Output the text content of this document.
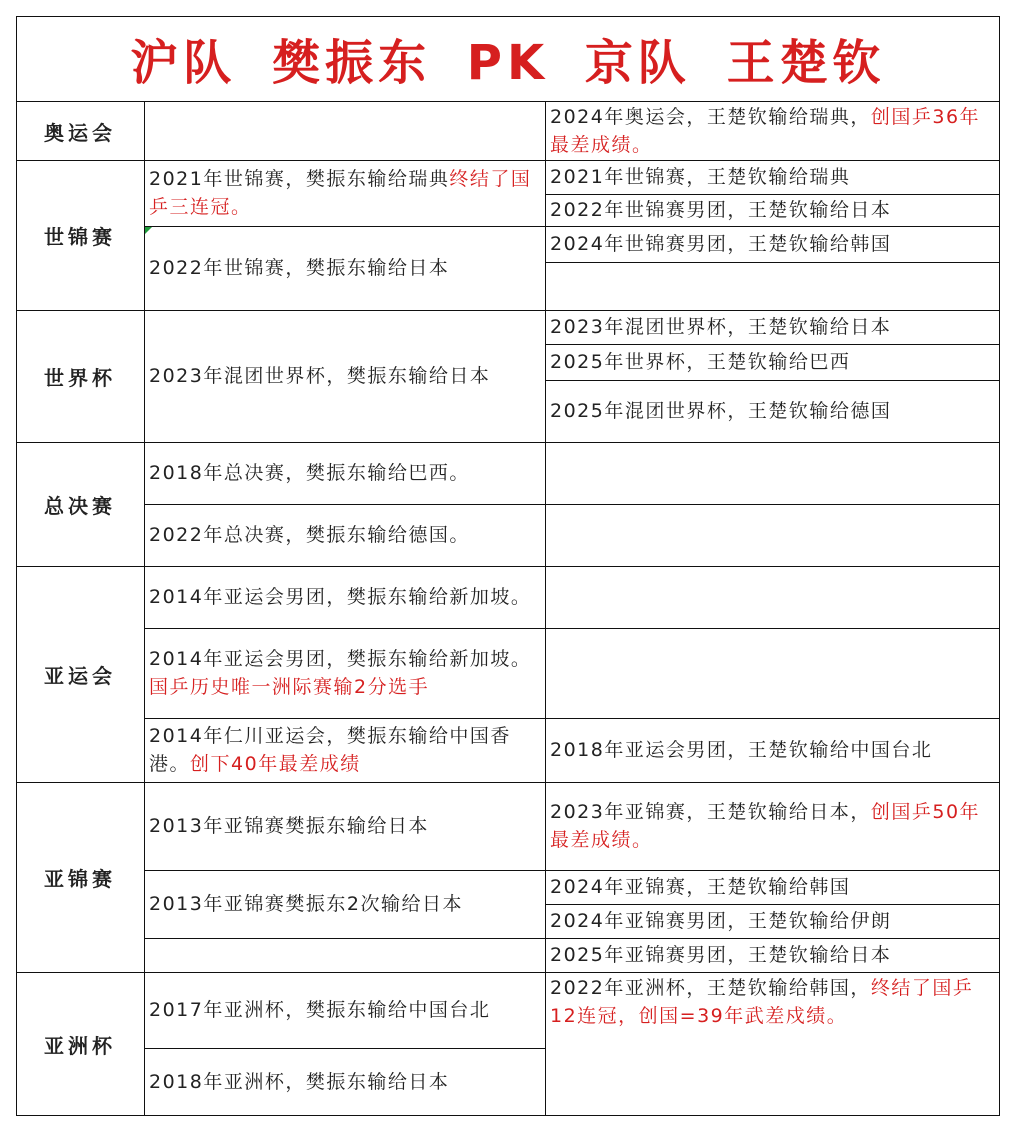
沪队 樊振东 PK 京队 王楚钦
奥运会
世锦赛
世界杯
总决赛
亚运会
亚锦赛
亚洲杯
2021年世锦赛，樊振东输给瑞典终结了国乒三连冠。
2022年世锦赛，樊振东输给日本
2023年混团世界杯，樊振东输给日本
2018年总决赛，樊振东输给巴西。
2022年总决赛，樊振东输给德国。
2014年亚运会男团，樊振东输给新加坡。
2014年亚运会男团，樊振东输给新加坡。国乒历史唯一洲际赛输2分选手
2014年仁川亚运会，樊振东输给中国香港。创下40年最差成绩
2013年亚锦赛樊振东输给日本
2013年亚锦赛樊振东2次输给日本
2017年亚洲杯，樊振东输给中国台北
2018年亚洲杯，樊振东输给日本
2024年奥运会，王楚钦输给瑞典，创国乒36年最差成绩。
2021年世锦赛，王楚钦输给瑞典
2022年世锦赛男团，王楚钦输给日本
2024年世锦赛男团，王楚钦输给韩国
2023年混团世界杯，王楚钦输给日本
2025年世界杯，王楚钦输给巴西
2025年混团世界杯，王楚钦输给德国
2018年亚运会男团，王楚钦输给中国台北
2023年亚锦赛，王楚钦输给日本，创国乒50年最差成绩。
2024年亚锦赛，王楚钦输给韩国
2024年亚锦赛男团，王楚钦输给伊朗
2025年亚锦赛男团，王楚钦输给日本
2022年亚洲杯，王楚钦输给韩国，终结了国乒12连冠，创国=39年武差戍绩。
